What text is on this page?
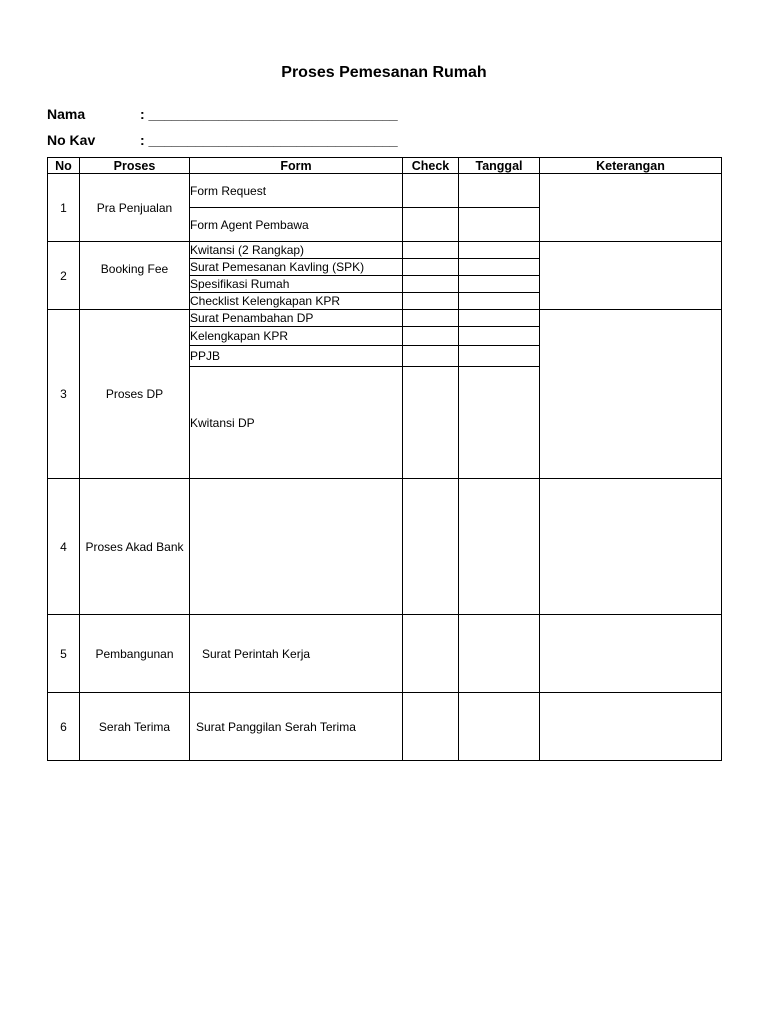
Proses Pemesanan Rumah
Nama	: ________________________________
No Kav	: ________________________________
No	Proses	Form	Check	Tanggal	Keterangan
1	Pra Penjualan	Form Request			
		Form Agent Pembawa			
2	Booking Fee	Kwitansi (2 Rangkap)			
		Surat Pemesanan Kavling (SPK)			
		Spesifikasi Rumah			
		Checklist Kelengkapan KPR			
3	Proses DP	Surat Penambahan DP			
		Kelengkapan KPR			
		PPJB			
		Kwitansi DP			
4	Proses Akad Bank				
5	Pembangunan	Surat Perintah Kerja			
6	Serah Terima	Surat Panggilan Serah Terima			
